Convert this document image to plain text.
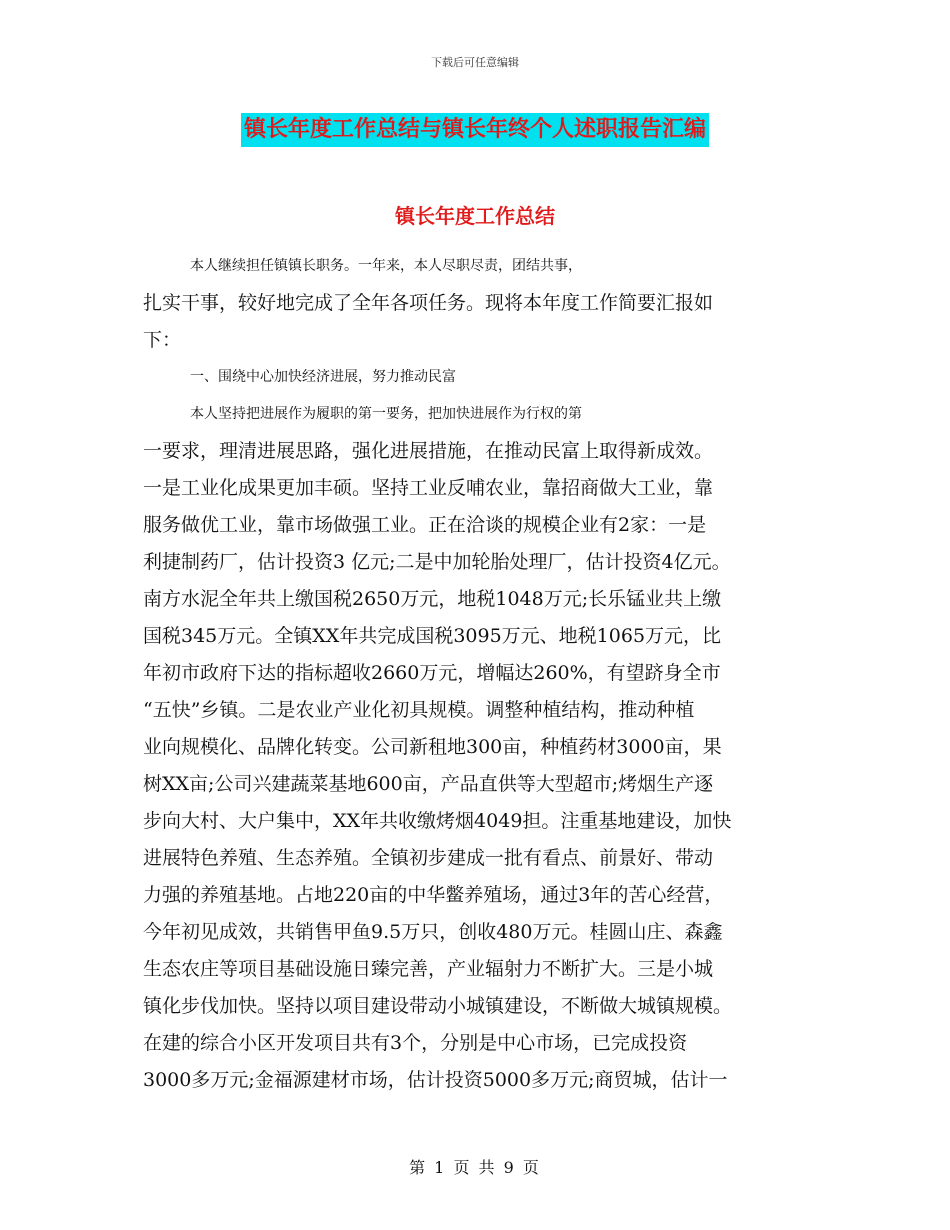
下载后可任意编辑
镇长年度工作总结与镇长年终个人述职报告汇编
镇长年度工作总结
本人继续担任镇镇长职务。一年来，本人尽职尽责，团结共事，
扎实干事，较好地完成了全年各项任务。现将本年度工作简要汇报如
下：
一、围绕中心加快经济进展，努力推动民富
本人坚持把进展作为履职的第一要务，把加快进展作为行权的第
一要求，理清进展思路，强化进展措施，在推动民富上取得新成效。
一是工业化成果更加丰硕。坚持工业反哺农业，靠招商做大工业，靠
服务做优工业，靠市场做强工业。正在洽谈的规模企业有2家：一是
利捷制药厂，估计投资3 亿元;二是中加轮胎处理厂，估计投资4亿元。
南方水泥全年共上缴国税2650万元，地税1048万元;长乐锰业共上缴
国税345万元。全镇XX年共完成国税3095万元、地税1065万元，比
年初市政府下达的指标超收2660万元，增幅达260%，有望跻身全市
“五快”乡镇。二是农业产业化初具规模。调整种植结构，推动种植
业向规模化、品牌化转变。公司新租地300亩，种植药材3000亩，果
树XX亩;公司兴建蔬菜基地600亩，产品直供等大型超市;烤烟生产逐
步向大村、大户集中，XX年共收缴烤烟4049担。注重基地建设，加快
进展特色养殖、生态养殖。全镇初步建成一批有看点、前景好、带动
力强的养殖基地。占地220亩的中华鳖养殖场，通过3年的苦心经营，
今年初见成效，共销售甲鱼9.5万只，创收480万元。桂圆山庄、森鑫
生态农庄等项目基础设施日臻完善，产业辐射力不断扩大。三是小城
镇化步伐加快。坚持以项目建设带动小城镇建设，不断做大城镇规模。
在建的综合小区开发项目共有3个，分别是中心市场，已完成投资
3000多万元;金福源建材市场，估计投资5000多万元;商贸城，估计一
第 1 页 共 9 页
